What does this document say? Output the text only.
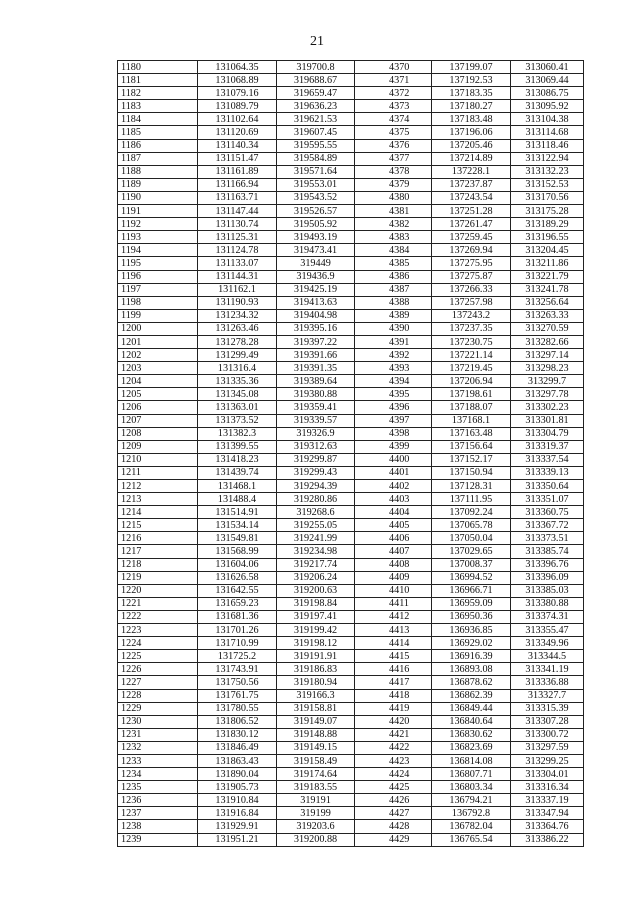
21
1180	131064.35	319700.8	4370	137199.07	313060.41
1181	131068.89	319688.67	4371	137192.53	313069.44
1182	131079.16	319659.47	4372	137183.35	313086.75
1183	131089.79	319636.23	4373	137180.27	313095.92
1184	131102.64	319621.53	4374	137183.48	313104.38
1185	131120.69	319607.45	4375	137196.06	313114.68
1186	131140.34	319595.55	4376	137205.46	313118.46
1187	131151.47	319584.89	4377	137214.89	313122.94
1188	131161.89	319571.64	4378	137228.1	313132.23
1189	131166.94	319553.01	4379	137237.87	313152.53
1190	131163.71	319543.52	4380	137243.54	313170.56
1191	131147.44	319526.57	4381	137251.28	313175.28
1192	131130.74	319505.92	4382	137261.47	313189.29
1193	131125.31	319493.19	4383	137259.45	313196.55
1194	131124.78	319473.41	4384	137269.94	313204.45
1195	131133.07	319449	4385	137275.95	313211.86
1196	131144.31	319436.9	4386	137275.87	313221.79
1197	131162.1	319425.19	4387	137266.33	313241.78
1198	131190.93	319413.63	4388	137257.98	313256.64
1199	131234.32	319404.98	4389	137243.2	313263.33
1200	131263.46	319395.16	4390	137237.35	313270.59
1201	131278.28	319397.22	4391	137230.75	313282.66
1202	131299.49	319391.66	4392	137221.14	313297.14
1203	131316.4	319391.35	4393	137219.45	313298.23
1204	131335.36	319389.64	4394	137206.94	313299.7
1205	131345.08	319380.88	4395	137198.61	313297.78
1206	131363.01	319359.41	4396	137188.07	313302.23
1207	131373.52	319339.57	4397	137168.1	313301.81
1208	131382.3	319326.9	4398	137163.48	313304.79
1209	131399.55	319312.63	4399	137156.64	313319.37
1210	131418.23	319299.87	4400	137152.17	313337.54
1211	131439.74	319299.43	4401	137150.94	313339.13
1212	131468.1	319294.39	4402	137128.31	313350.64
1213	131488.4	319280.86	4403	137111.95	313351.07
1214	131514.91	319268.6	4404	137092.24	313360.75
1215	131534.14	319255.05	4405	137065.78	313367.72
1216	131549.81	319241.99	4406	137050.04	313373.51
1217	131568.99	319234.98	4407	137029.65	313385.74
1218	131604.06	319217.74	4408	137008.37	313396.76
1219	131626.58	319206.24	4409	136994.52	313396.09
1220	131642.55	319200.63	4410	136966.71	313385.03
1221	131659.23	319198.84	4411	136959.09	313380.88
1222	131681.36	319197.41	4412	136950.36	313374.31
1223	131701.26	319199.42	4413	136936.85	313355.47
1224	131710.99	319198.12	4414	136929.02	313349.96
1225	131725.2	319191.91	4415	136916.39	313344.5
1226	131743.91	319186.83	4416	136893.08	313341.19
1227	131750.56	319180.94	4417	136878.62	313336.88
1228	131761.75	319166.3	4418	136862.39	313327.7
1229	131780.55	319158.81	4419	136849.44	313315.39
1230	131806.52	319149.07	4420	136840.64	313307.28
1231	131830.12	319148.88	4421	136830.62	313300.72
1232	131846.49	319149.15	4422	136823.69	313297.59
1233	131863.43	319158.49	4423	136814.08	313299.25
1234	131890.04	319174.64	4424	136807.71	313304.01
1235	131905.73	319183.55	4425	136803.34	313316.34
1236	131910.84	319191	4426	136794.21	313337.19
1237	131916.84	319199	4427	136792.8	313347.94
1238	131929.91	319203.6	4428	136782.04	313364.76
1239	131951.21	319200.88	4429	136765.54	313386.22
